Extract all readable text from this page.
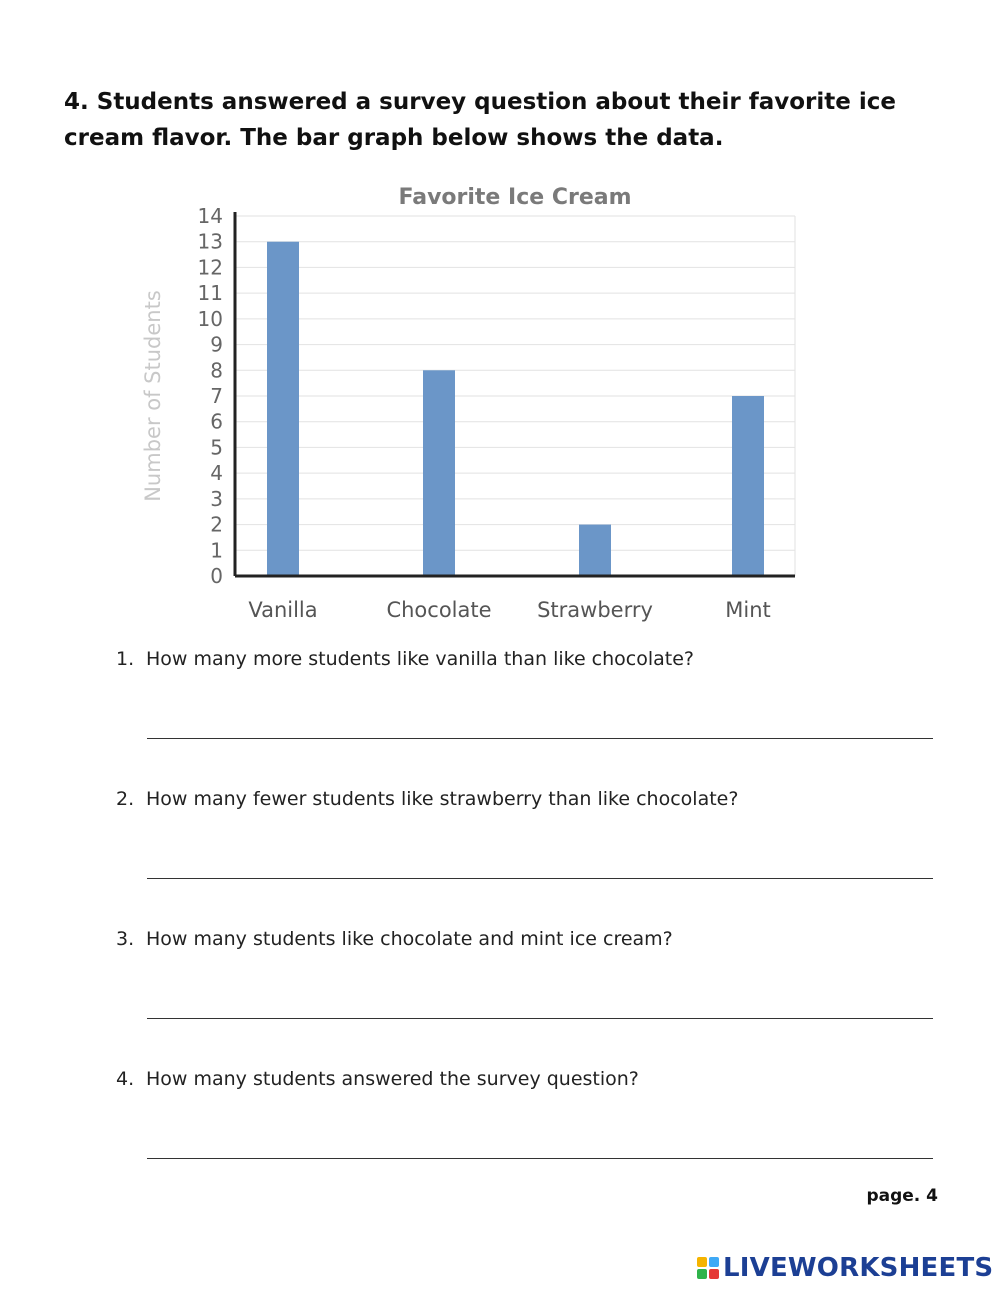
4. Students answered a survey question about their favorite ice
cream flavor. The bar graph below shows the data.
Favorite Ice Cream
Number of Students
0
1
2
3
4
5
6
7
8
9
10
11
12
13
14
Vanilla	Chocolate Strawberry	Mint
1. How many more students like vanilla than like chocolate?
2. How many fewer students like strawberry than like chocolate?
3. How many students like chocolate and mint ice cream?
4. How many students answered the survey question?
page. 4
LIVEWORKSHEETS
